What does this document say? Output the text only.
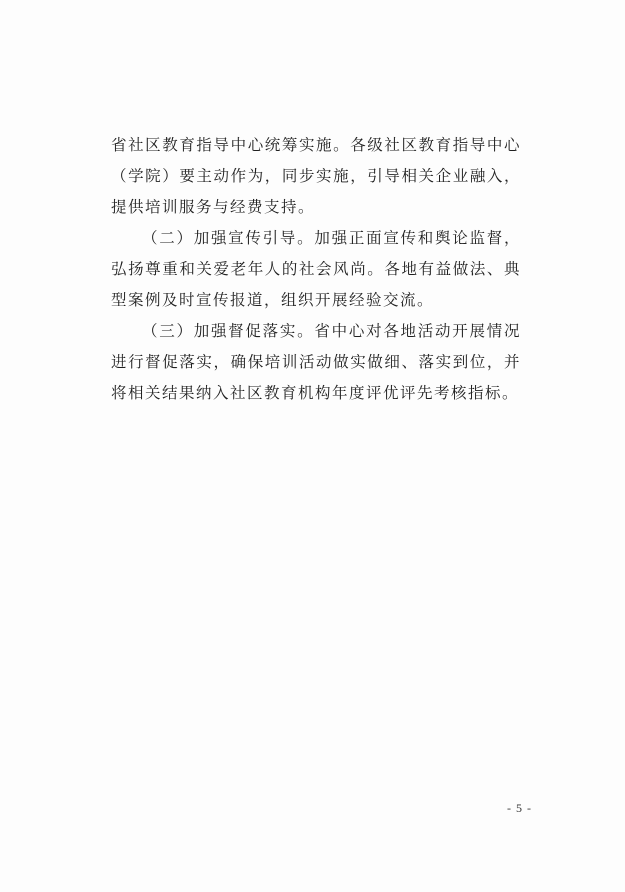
省社区教育指导中心统筹实施。各级社区教育指导中心（学院）要主动作为，同步实施，引导相关企业融入，提供培训服务与经费支持。

（二）加强宣传引导。加强正面宣传和舆论监督，弘扬尊重和关爱老年人的社会风尚。各地有益做法、典型案例及时宣传报道，组织开展经验交流。

（三）加强督促落实。省中心对各地活动开展情况进行督促落实，确保培训活动做实做细、落实到位，并将相关结果纳入社区教育机构年度评优评先考核指标。

- 5 -
